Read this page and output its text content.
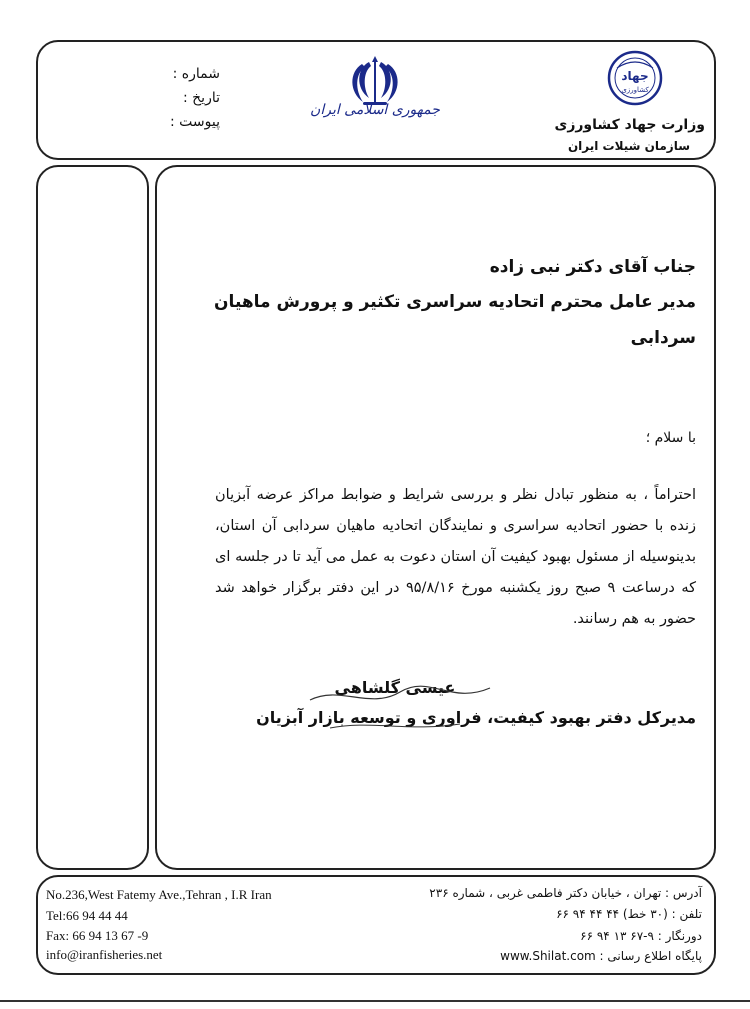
شماره :
تاریخ :
پیوست :
جمهوری اسلامی ایران
جهاد
کشاورزی
وزارت جهاد کشاورزی
سازمان شیلات ایران
جناب آقای دکتر نبی زاده
مدیر عامل محترم اتحادیه سراسری تکثیر و پرورش ماهیان
سردابی
با سلام ؛
احتراماً ، به منظور تبادل نظر و بررسی شرایط و ضوابط مراکز عرضه آبزیان زنده با حضور اتحادیه سراسری و نمایندگان اتحادیه ماهیان سردابی آن استان، بدینوسیله از مسئول بهبود کیفیت آن استان دعوت به عمل می آید تا در جلسه ای که درساعت ۹ صبح روز یکشنبه مورخ ۹۵/۸/۱۶ در این دفتر برگزار خواهد شد حضور به هم رسانند.
عیسی گلشاهی
مدیرکل دفتر بهبود کیفیت، فراوری و توسعه بازار آبزیان
No.236,West Fatemy Ave.,Tehran , I.R Iran
Tel:66 94 44 44
Fax: 66 94 13 67 -9
info@iranfisheries.net
آدرس : تهران ، خیابان دکتر فاطمی غربی ، شماره ۲۳۶
تلفن : (۳۰ خط) ۴۴ ۴۴ ۹۴ ۶۶
دورنگار : ۹-۶۷ ۱۳ ۹۴ ۶۶
پایگاه اطلاع رسانی : www.Shilat.com
